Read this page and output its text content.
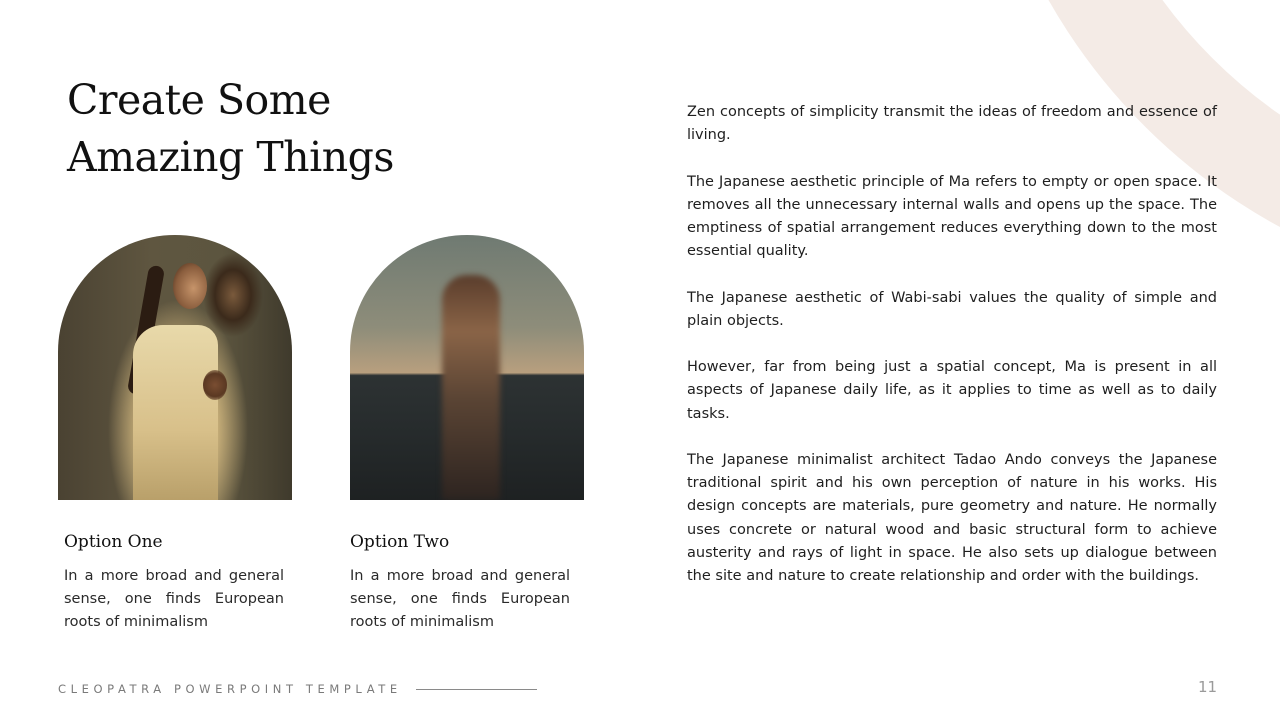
Create Some
Amazing Things
Option One
In a more broad and general sense, one finds European roots of minimalism
Option Two
In a more broad and general sense, one finds European roots of minimalism

Zen concepts of simplicity transmit the ideas of freedom and essence of living.

The Japanese aesthetic principle of Ma refers to empty or open space. It removes all the unnecessary internal walls and opens up the space. The emptiness of spatial arrangement reduces everything down to the most essential quality.

The Japanese aesthetic of Wabi-sabi values the quality of simple and plain objects.

However, far from being just a spatial concept, Ma is present in all aspects of Japanese daily life, as it applies to time as well as to daily tasks.

The Japanese minimalist architect Tadao Ando conveys the Japanese traditional spirit and his own perception of nature in his works. His design concepts are materials, pure geometry and nature. He normally uses concrete or natural wood and basic structural form to achieve austerity and rays of light in space. He also sets up dialogue between the site and nature to create relationship and order with the buildings.

CLEOPATRA POWERPOINT TEMPLATE	11
